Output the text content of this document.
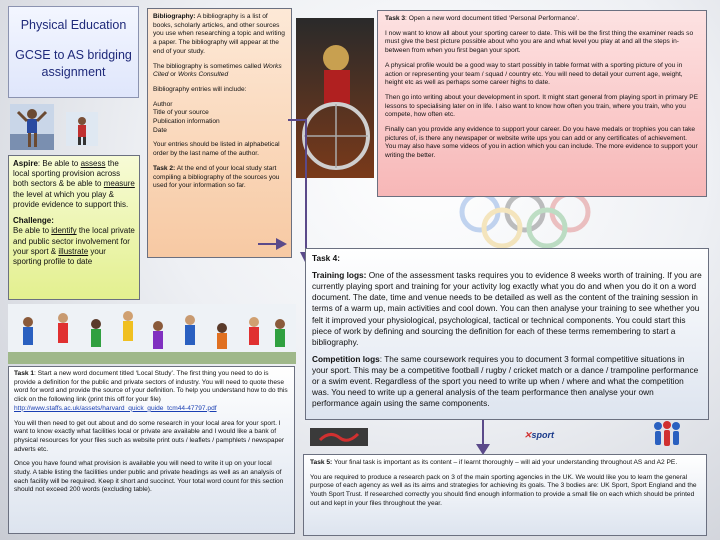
Physical Education
GCSE to AS bridging assignment

Aspire: Be able to assess the local sporting provision across both sectors & be able to measure the level at which you play & provide evidence to support this.

Challenge:
Be able to identify the local private and public sector involvement for your sport & illustrate your sporting profile to date

Bibliography: A bibliography is a list of books, scholarly articles, and other sources you use when researching a topic and writing a paper. The bibliography will appear at the end of your study.

The bibliography is sometimes called Works Cited or Works Consulted

Bibliography entries will include:

Author
Title of your source
Publication information
Date

Your entries should be listed in alphabetical order by the last name of the author.

Task 2: At the end of your local study start compiling a bibliography of the sources you used for your information so far.

Task 3: Open a new word document titled ‘Personal Performance’.

I now want to know all about your sporting career to date. This will be the first thing the examiner reads so must give the best picture possible about who you are and what level you play at and all the steps in-between from when you first began your sport.

A physical profile would be a good way to start possibly in table format with a sporting picture of you in action or representing your team / squad / country etc. You will need to detail your current age, weight, height etc as well as perhaps some career highs to date.

Then go into writing about your development in sport. It might start general from playing sport in primary PE lessons to specialising later on in life. I also want to know how often you train, where you train, who you compete, how often etc.

Finally can you provide any evidence to support your career. Do you have medals or trophies you can take pictures of, is there any newspaper or website write ups you can add or any certificates of achievement. You may also have some videos of you in action which you can include. The more evidence to support your writing the better.

Task 4:

Training logs: One of the assessment tasks requires you to evidence 8 weeks worth of training. If you are currently playing sport and training for your activity log exactly what you do and when you do it on a word document. The date, time and venue needs to be detailed as well as the content of the training session in terms of a warm up, main activities and cool down. You can then analyse your training to see whether you felt it improved your physiological, psychological, tactical or technical components. You could start this piece of work by defining and sourcing the definition for each of these terms remembering to start a bibliography.

Competition logs: The same coursework requires you to document 3 formal competitive situations in your sport. This may be a competitive football / rugby / cricket match or a dance / trampoline performance or a swim event. Regardless of the sport you need to write up when / where and what the competition was. You need to write up a general analysis of the team performance then analyse your own performance again using the same components.

Task 1: Start a new word document titled ‘Local Study’. The first thing you need to do is provide a definition for the public and private sectors of industry. You will need to quote these word for word and provide the source of your definition. To help you understand how to do this click on the following link (print this off for your file) http://www.staffs.ac.uk/assets/harvard_quick_guide_tcm44-47797.pdf

You will then need to get out about and do some research in your local area for your sport. I want to know exactly what facilities local or private are available and I would like a bank of physical resources for your files such as website print outs / leaflets / pamphlets / newspaper adverts etc.

Once you have found what provision is available you will need to write it up on your local study. A table listing the facilities under public and private headings as well as an analysis of each facility will be required. Keep it short and succinct. Your total word count for this section should not exceed 200 words (excluding table).

✕sport

Task 5: Your final task is important as its content – if learnt thoroughly – will aid your understanding throughout AS and A2 PE.

You are required to produce a research pack on 3 of the main sporting agencies in the UK. We would like you to learn the general purpose of each agency as well as its aims and strategies for achieving its goals. The 3 bodies are: UK Sport, Sport England and the Youth Sport Trust. If researched correctly you should find enough information to provide a small file on each which should be printed out and kept in your files throughout the year.
